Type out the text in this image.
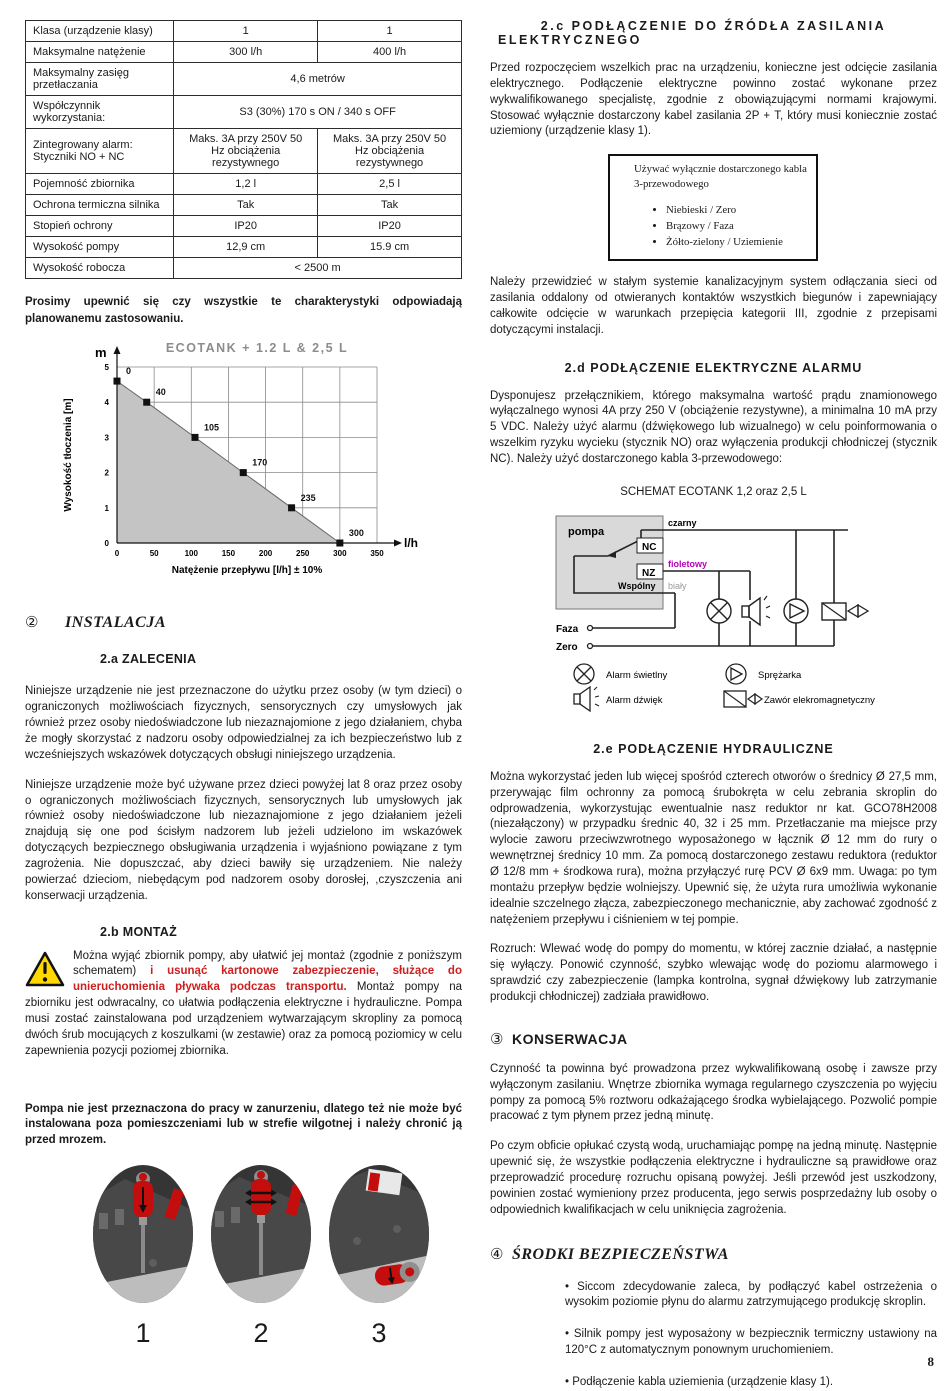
Klasa (urządzenie klasy)	1	1
Maksymalne natężenie	300 l/h	400 l/h
Maksymalny zasięg przetłaczania	4,6 metrów	
Współczynnik wykorzystania:	S3 (30%) 170 s ON / 340 s OFF	
Zintegrowany alarm: Styczniki NO + NC	Maks. 3A przy 250V 50 Hz obciążenia rezystywnego	Maks. 3A przy 250V 50 Hz obciążenia rezystywnego
Pojemność zbiornika	1,2 l	2,5 l
Ochrona termiczna silnika	Tak	Tak
Stopień ochrony	IP20	IP20
Wysokość pompy	12,9 cm	15.9 cm
Wysokość robocza	< 2500 m	

Prosimy upewnić się czy wszystkie te charakterystyki odpowiadają planowanemu zastosowaniu.

0
40
105
170
235
300
0	50	100	150	200	250	300	350
0
1
2
3
4
5
m
l/h
ECOTANK + 1.2 L & 2,5 L
Natężenie przepływu [l/h] ± 10%
Wysokość tłoczenia [m]
② INSTALACJA
2.a ZALECENIA

Niniejsze urządzenie nie jest przeznaczone do użytku przez osoby (w tym dzieci) o ograniczonych możliwościach fizycznych, sensorycznych czy umysłowych jak również przez osoby niedoświadczone lub niezaznajomione z jego działaniem, chyba że mogły skorzystać z nadzoru osoby odpowiedzialnej za ich bezpieczeństwo lub z wcześniejszych wskazówek dotyczących obsługi niniejszego urządzenia.

Niniejsze urządzenie może być używane przez dzieci powyżej lat 8 oraz przez osoby o ograniczonych możliwościach fizycznych, sensorycznych lub umysłowych jak również osoby niedoświadczone lub niezaznajomione z jego działaniem jeżeli znajdują się one pod ścisłym nadzorem lub jeżeli udzielono im wskazówek dotyczących bezpiecznego obsługiwania urządzenia i wyjaśniono powiązane z tym zagrożenia. Nie dopuszczać, aby dzieci bawiły się urządzeniem. Nie należy powierzać dzieciom, niebędącym pod nadzorem osoby dorosłej, ,czyszczenia ani konserwacji urządzenia.

2.b MONTAŻ

Można wyjąć zbiornik pompy, aby ułatwić jej montaż (zgodnie z poniższym schematem) i usunąć kartonowe zabezpieczenie, służące do unieruchomienia pływaka podczas transportu. Montaż pompy na zbiorniku jest odwracalny, co ułatwia podłączenia elektryczne i hydrauliczne. Pompa musi zostać zainstalowana pod urządzeniem wytwarzającym skropliny za pomocą dwóch śrub mocujących z koszulkami (w zestawie) oraz za pomocą poziomicy w celu zapewnienia pozycji poziomej zbiornika.

Pompa nie jest przeznaczona do pracy w zanurzeniu, dlatego też nie może być instalowana poza pomieszczeniami lub w strefie wilgotnej i należy chronić ją przed mrozem.

1	2	3
2.c PODŁĄCZENIE DO ŹRÓDŁA ZASILANIA
ELEKTRYCZNEGO

Przed rozpoczęciem wszelkich prac na urządzeniu, konieczne jest odcięcie zasilania elektrycznego. Podłączenie elektryczne powinno zostać wykonane przez wykwalifikowanego specjalistę, zgodnie z obowiązującymi normami krajowymi. Stosować wyłącznie dostarczony kabel zasilania 2P + T, który musi koniecznie zostać uziemiony (urządzenie klasy 1).

Używać wyłącznie dostarczonego kabla 3-przewodowego
• Niebieski / Zero
• Brązowy / Faza
• Żółto-zielony / Uziemienie

Należy przewidzieć w stałym systemie kanalizacyjnym system odłączania sieci od zasilania oddalony od otwieranych kontaktów wszystkich biegunów i zapewniający całkowite odcięcie w warunkach przepięcia kategorii III, zgodnie z przepisami dotyczącymi instalacji.

2.d PODŁĄCZENIE ELEKTRYCZNE ALARMU

Dysponujesz przełącznikiem, którego maksymalna wartość prądu znamionowego wyłączalnego wynosi 4A przy 250 V (obciążenie rezystywne), a minimalna 10 mA przy 5 VDC. Należy użyć alarmu (dźwiękowego lub wizualnego) w celu poinformowania o wszelkim ryzyku wycieku (stycznik NO) oraz wyłączenia produkcji chłodniczej (stycznik NC). Należy użyć dostarczonego kabla 3-przewodowego:

SCHEMAT ECOTANK 1,2 oraz 2,5 L
pompa
NC
NZ
czarny
fioletowy
Wspólny biały
Faza
Zero
Alarm świetlny
Alarm dźwięk
Sprężarka
Zawór elekromagnetyczny
2.e PODŁĄCZENIE HYDRAULICZNE

Można wykorzystać jeden lub więcej spośród czterech otworów o średnicy Ø 27,5 mm, przerywając film ochronny za pomocą śrubokręta w celu zebrania skroplin do odprowadzenia, wykorzystując ewentualnie nasz reduktor nr kat. GCO78H2008 (niezałączony) w przypadku średnic 40, 32 i 25 mm. Przetłaczanie ma miejsce przy wylocie zaworu przeciwzwrotnego wyposażonego w łącznik Ø 12 mm do rury o wewnętrznej średnicy 10 mm. Za pomocą dostarczonego zestawu reduktora (reduktor Ø 12/8 mm + środkowa rura), można przyłączyć rurę PCV Ø 6x9 mm. Uwaga: po tym montażu przepływ będzie wolniejszy. Upewnić się, że użyta rura umożliwia wykonanie idealnie szczelnego złącza, zabezpieczonego mechanicznie, aby zachować zgodność z natężeniem przepływu i ciśnieniem w tej pompie.

Rozruch: Wlewać wodę do pompy do momentu, w której zacznie działać, a następnie się wyłączy. Ponowić czynność, szybko wlewając wodę do poziomu alarmowego i sprawdzić czy zabezpieczenie (lampka kontrolna, sygnał dźwiękowy lub zatrzymanie produkcji chłodniczej) zadziała prawidłowo.

③ KONSERWACJA

Czynność ta powinna być prowadzona przez wykwalifikowaną osobę i zawsze przy wyłączonym zasilaniu. Wnętrze zbiornika wymaga regularnego czyszczenia po wyjęciu pompy za pomocą 5% roztworu odkażającego środka wybielającego. Pozwolić pompie pracować z tym płynem przez jedną minutę.

Po czym obficie opłukać czystą wodą, uruchamiając pompę na jedną minutę. Następnie upewnić się, że wszystkie podłączenia elektryczne i hydrauliczne są prawidłowe oraz przeprowadzić procedurę rozruchu opisaną powyżej. Jeśli przewód jest uszkodzony, powinien zostać wymieniony przez producenta, jego serwis posprzedażny lub osoby o odpowiednich kwalifikacjach w celu uniknięcia zagrożenia.

④ ŚRODKI BEZPIECZEŃSTWA
• Siccom zdecydowanie zaleca, by podłączyć kabel ostrzeżenia o wysokim poziomie płynu do alarmu zatrzymującego produkcję skroplin.
• Silnik pompy jest wyposażony w bezpiecznik termiczny ustawiony na 120°C z automatycznym ponownym uruchomieniem.
• Podłączenie kabla uziemienia (urządzenie klasy 1).
8
